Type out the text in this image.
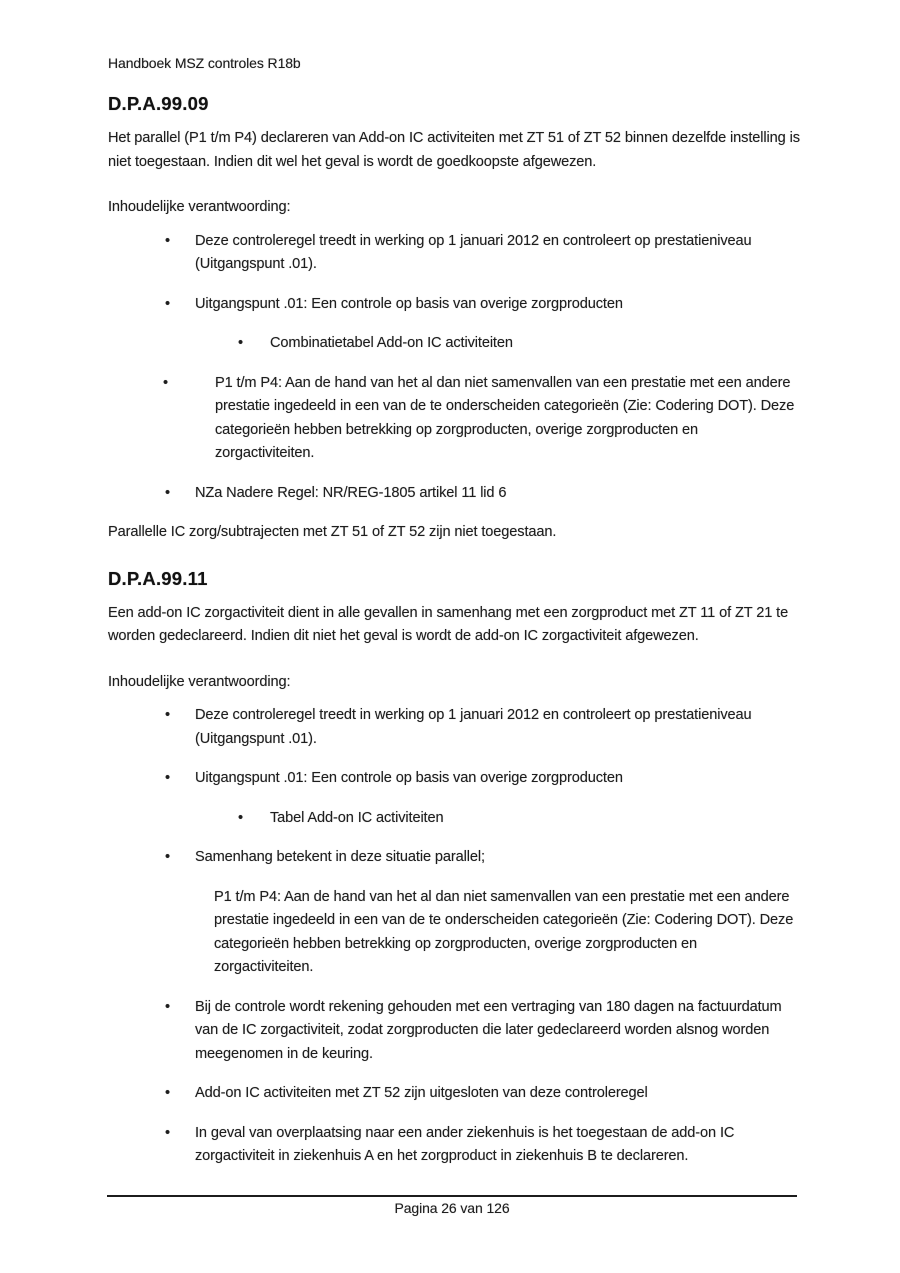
Handboek MSZ controles R18b
D.P.A.99.09

Het parallel (P1 t/m P4) declareren van Add-on IC activiteiten met ZT 51 of ZT 52 binnen dezelfde instelling is niet toegestaan. Indien dit wel het geval is wordt de goedkoopste afgewezen.

Inhoudelijke verantwoording:

• Deze controleregel treedt in werking op 1 januari 2012 en controleert op prestatieniveau (Uitgangspunt .01).
• Uitgangspunt .01: Een controle op basis van overige zorgproducten
• Combinatietabel Add-on IC activiteiten
•	P1 t/m P4: Aan de hand van het al dan niet samenvallen van een prestatie met een andere prestatie ingedeeld in een van de te onderscheiden categorieën (Zie: Codering DOT). Deze categorieën hebben betrekking op zorgproducten, overige zorgproducten en zorgactiviteiten.
• NZa Nadere Regel: NR/REG-1805 artikel 11 lid 6

Parallelle IC zorg/subtrajecten met ZT 51 of ZT 52 zijn niet toegestaan.

D.P.A.99.11

Een add-on IC zorgactiviteit dient in alle gevallen in samenhang met een zorgproduct met ZT 11 of ZT 21 te worden gedeclareerd. Indien dit niet het geval is wordt de add-on IC zorgactiviteit afgewezen.

Inhoudelijke verantwoording:

• Deze controleregel treedt in werking op 1 januari 2012 en controleert op prestatieniveau (Uitgangspunt .01).
• Uitgangspunt .01: Een controle op basis van overige zorgproducten
• Tabel Add-on IC activiteiten
• Samenhang betekent in deze situatie parallel;
P1 t/m P4: Aan de hand van het al dan niet samenvallen van een prestatie met een andere prestatie ingedeeld in een van de te onderscheiden categorieën (Zie: Codering DOT). Deze categorieën hebben betrekking op zorgproducten, overige zorgproducten en zorgactiviteiten.
• Bij de controle wordt rekening gehouden met een vertraging van 180 dagen na factuurdatum van de IC zorgactiviteit, zodat zorgproducten die later gedeclareerd worden alsnog worden meegenomen in de keuring.
• Add-on IC activiteiten met ZT 52 zijn uitgesloten van deze controleregel
• In geval van overplaatsing naar een ander ziekenhuis is het toegestaan de add-on IC zorgactiviteit in ziekenhuis A en het zorgproduct in ziekenhuis B te declareren.
Pagina 26 van 126
